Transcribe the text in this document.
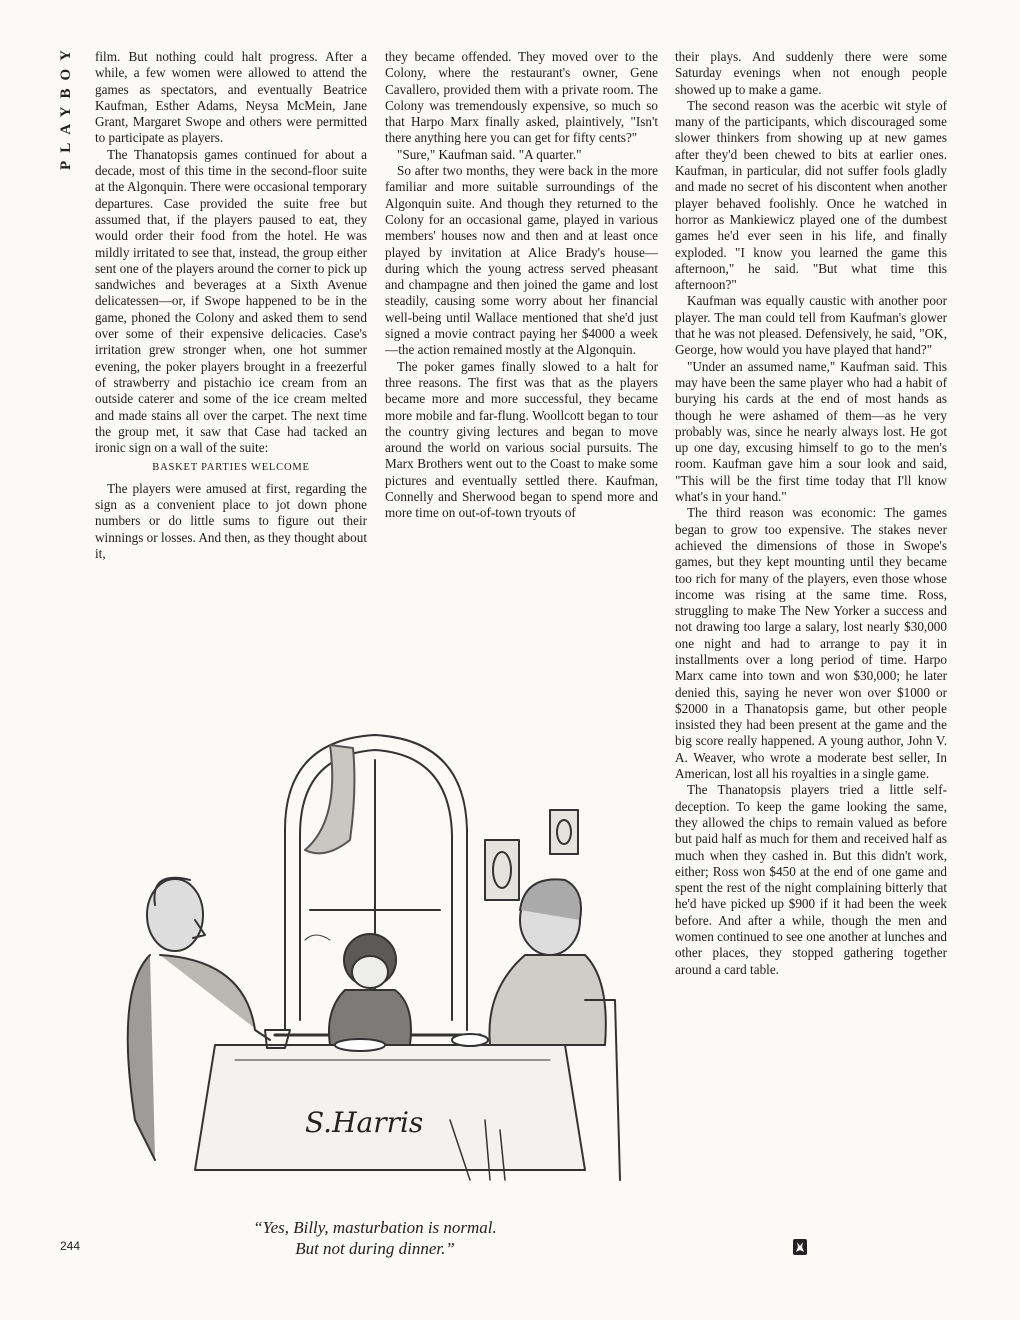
PLAYBOY film. But nothing could halt progress. After a while, a few women were allowed to attend the games as spectators, and eventually Beatrice Kaufman, Esther Adams, Neysa McMein, Jane Grant, Margaret Swope and others were permitted to participate as players.

The Thanatopsis games continued for about a decade, most of this time in the second-floor suite at the Algonquin. There were occasional temporary departures. Case provided the suite free but assumed that, if the players paused to eat, they would order their food from the hotel. He was mildly irritated to see that, instead, the group either sent one of the players around the corner to pick up sandwiches and beverages at a Sixth Avenue delicatessen—or, if Swope happened to be in the game, phoned the Colony and asked them to send over some of their expensive delicacies. Case's irritation grew stronger when, one hot summer evening, the poker players brought in a freezerful of strawberry and pistachio ice cream from an outside caterer and some of the ice cream melted and made stains all over the carpet. The next time the group met, it saw that Case had tacked an ironic sign on a wall of the suite:

BASKET PARTIES WELCOME

The players were amused at first, regarding the sign as a convenient place to jot down phone numbers or do little sums to figure out their winnings or losses. And then, as they thought about it,

they became offended. They moved over to the Colony, where the restaurant's owner, Gene Cavallero, provided them with a private room. The Colony was tremendously expensive, so much so that Harpo Marx finally asked, plaintively, "Isn't there anything here you can get for fifty cents?"

"Sure," Kaufman said. "A quarter."

So after two months, they were back in the more familiar and more suitable surroundings of the Algonquin suite. And though they returned to the Colony for an occasional game, played in various members' houses now and then and at least once played by invitation at Alice Brady's house—during which the young actress served pheasant and champagne and then joined the game and lost steadily, causing some worry about her financial well-being until Wallace mentioned that she'd just signed a movie contract paying her $4000 a week—the action remained mostly at the Algonquin.

The poker games finally slowed to a halt for three reasons. The first was that as the players became more and more successful, they became more mobile and far-flung. Woollcott began to tour the country giving lectures and began to move around the world on various social pursuits. The Marx Brothers went out to the Coast to make some pictures and eventually settled there. Kaufman, Connelly and Sherwood began to spend more and more time on out-of-town tryouts of

their plays. And suddenly there were some Saturday evenings when not enough people showed up to make a game.

The second reason was the acerbic wit style of many of the participants, which discouraged some slower thinkers from showing up at new games after they'd been chewed to bits at earlier ones. Kaufman, in particular, did not suffer fools gladly and made no secret of his discontent when another player behaved foolishly. Once he watched in horror as Mankiewicz played one of the dumbest games he'd ever seen in his life, and finally exploded. "I know you learned the game this afternoon," he said. "But what time this afternoon?"

Kaufman was equally caustic with another poor player. The man could tell from Kaufman's glower that he was not pleased. Defensively, he said, "OK, George, how would you have played that hand?"

"Under an assumed name," Kaufman said. This may have been the same player who had a habit of burying his cards at the end of most hands as though he were ashamed of them—as he very probably was, since he nearly always lost. He got up one day, excusing himself to go to the men's room. Kaufman gave him a sour look and said, "This will be the first time today that I'll know what's in your hand."

The third reason was economic: The games began to grow too expensive. The stakes never achieved the dimensions of those in Swope's games, but they kept mounting until they became too rich for many of the players, even those whose income was rising at the same time. Ross, struggling to make The New Yorker a success and not drawing too large a salary, lost nearly $30,000 one night and had to arrange to pay it in installments over a long period of time. Harpo Marx came into town and won $30,000; he later denied this, saying he never won over $1000 or $2000 in a Thanatopsis game, but other people insisted they had been present at the game and the big score really happened. A young author, John V. A. Weaver, who wrote a moderate best seller, In American, lost all his royalties in a single game.

The Thanatopsis players tried a little self-deception. To keep the game looking the same, they allowed the chips to remain valued as before but paid half as much for them and received half as much when they cashed in. But this didn't work, either; Ross won $450 at the end of one game and spent the rest of the night complaining bitterly that he'd have picked up $900 if it had been the week before. And after a while, though the men and women continued to see one another at lunches and other places, they stopped gathering together around a card table.

S.Harris
“Yes, Billy, masturbation is normal.
But not during dinner.”
244
